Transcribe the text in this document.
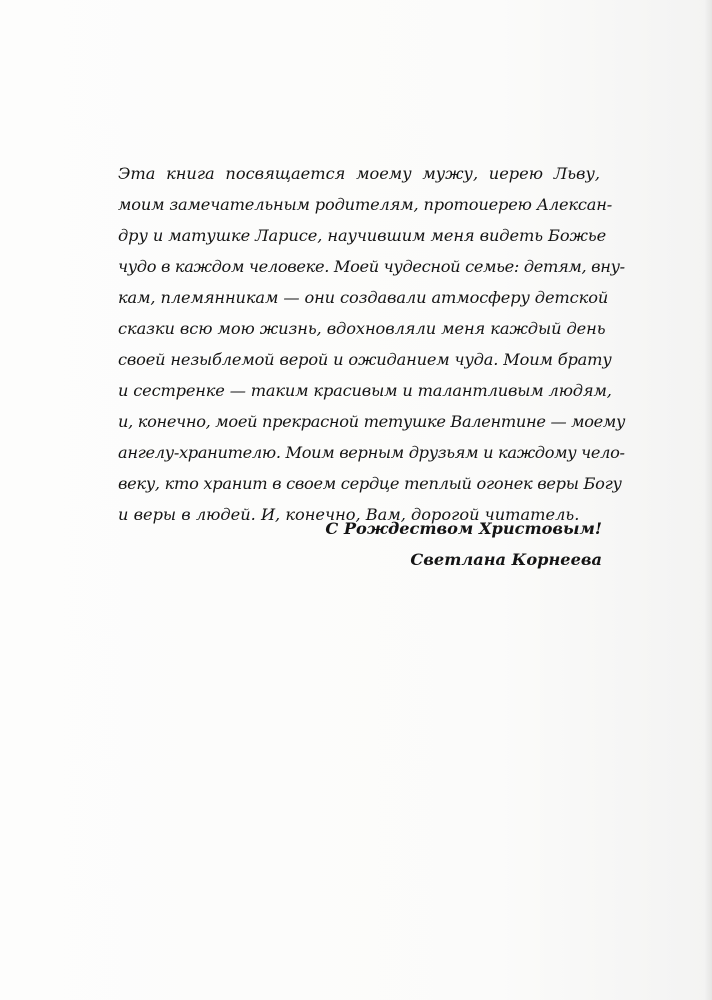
Эта книга посвящается моему мужу, иерею Льву,
моим замечательным родителям, протоиерею Алексан-
дру и матушке Ларисе, научившим меня видеть Божье
чудо в каждом человеке. Моей чудесной семье: детям, вну-
кам, племянникам — они создавали атмосферу детской
сказки всю мою жизнь, вдохновляли меня каждый день
своей незыблемой верой и ожиданием чуда. Моим брату
и сестренке — таким красивым и талантливым людям,
и, конечно, моей прекрасной тетушке Валентине — моему
ангелу-хранителю. Моим верным друзьям и каждому чело-
веку, кто хранит в своем сердце теплый огонек веры Богу
и веры в людей. И, конечно, Вам, дорогой читатель.
С Рождеством Христовым!
Светлана Корнеева
